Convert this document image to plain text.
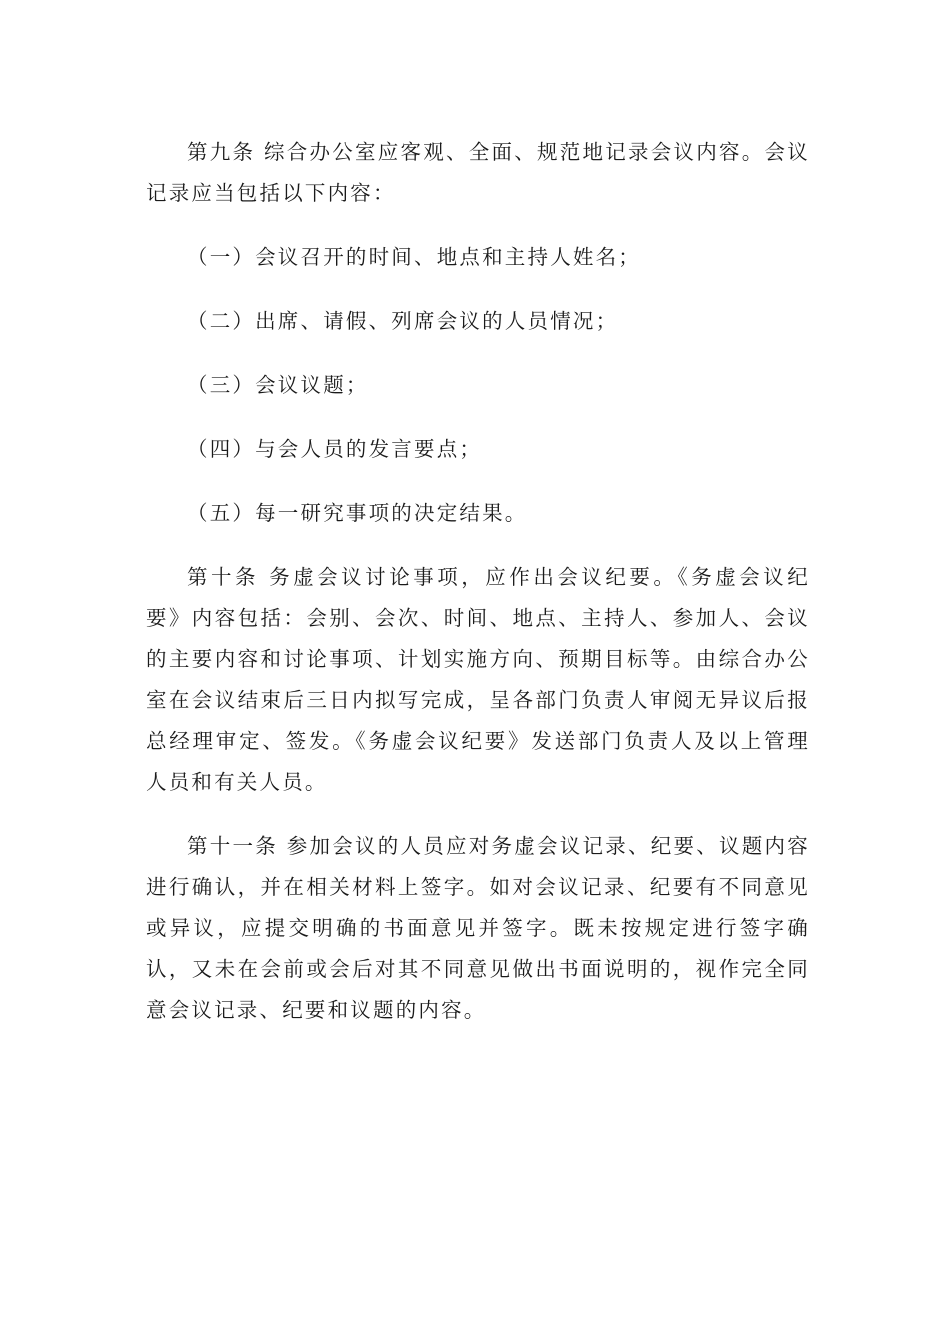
第九条 综合办公室应客观、全面、规范地记录会议内容。会议记录应当包括以下内容：

（一）会议召开的时间、地点和主持人姓名；

（二）出席、请假、列席会议的人员情况；

（三）会议议题；

（四）与会人员的发言要点；

（五）每一研究事项的决定结果。

第十条 务虚会议讨论事项，应作出会议纪要。《务虚会议纪要》内容包括：会别、会次、时间、地点、主持人、参加人、会议的主要内容和讨论事项、计划实施方向、预期目标等。由综合办公室在会议结束后三日内拟写完成，呈各部门负责人审阅无异议后报总经理审定、签发。《务虚会议纪要》发送部门负责人及以上管理人员和有关人员。

第十一条 参加会议的人员应对务虚会议记录、纪要、议题内容进行确认，并在相关材料上签字。如对会议记录、纪要有不同意见或异议，应提交明确的书面意见并签字。既未按规定进行签字确认，又未在会前或会后对其不同意见做出书面说明的，视作完全同意会议记录、纪要和议题的内容。
